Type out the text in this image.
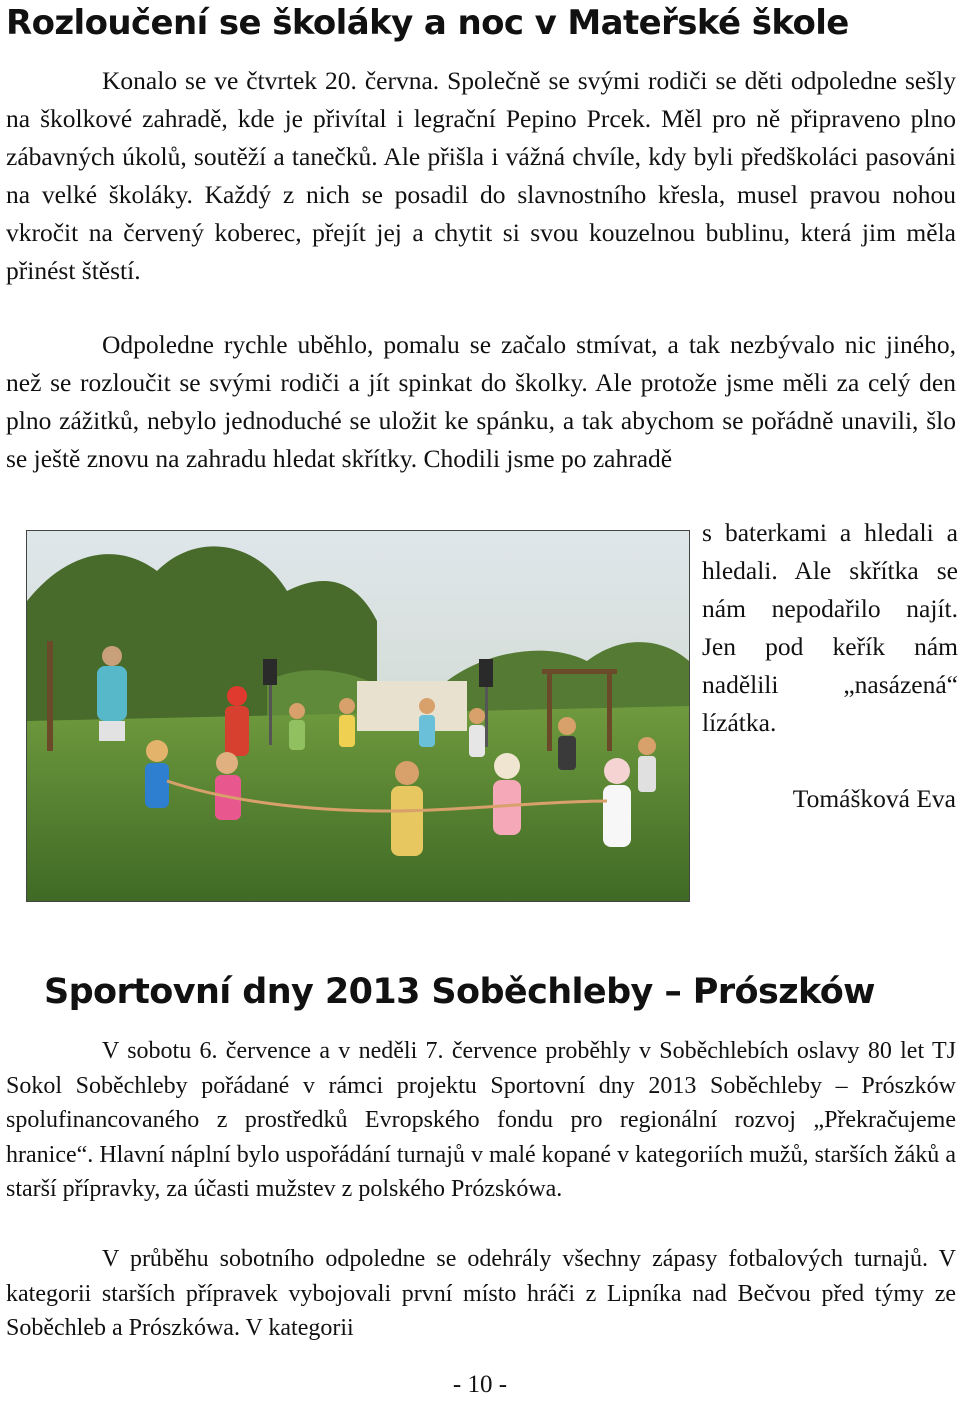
Rozloučení se školáky a noc v Mateřské škole

Konalo se ve čtvrtek 20. června. Společně se svými rodiči se děti odpoledne sešly na školkové zahradě, kde je přivítal i legrační Pepino Prcek. Měl pro ně připraveno plno zábavných úkolů, soutěží a tanečků. Ale přišla i vážná chvíle, kdy byli předškoláci pasováni na velké školáky. Každý z nich se posadil do slavnostního křesla, musel pravou nohou vkročit na červený koberec, přejít jej a chytit si svou kouzelnou bublinu, která jim měla přinést štěstí.

Odpoledne rychle uběhlo, pomalu se začalo stmívat, a tak nezbývalo nic jiného, než se rozloučit se svými rodiči a jít spinkat do školky. Ale protože jsme měli za celý den plno zážitků, nebylo jednoduché se uložit ke spánku, a tak abychom se pořádně unavili, šlo se ještě znovu na zahradu hledat skřítky. Chodili jsme po zahradě

s baterkami a hledali a hledali. Ale skřítka se nám nepodařilo najít. Jen pod keřík nám nadělili „nasázená“ lízátka.

Tomášková Eva

Sportovní dny 2013 Soběchleby – Prószków

V sobotu 6. července a v neděli 7. července proběhly v Soběchlebích oslavy 80 let TJ Sokol Soběchleby pořádané v rámci projektu Sportovní dny 2013 Soběchleby – Prószków spolufinancovaného z prostředků Evropského fondu pro regionální rozvoj „Překračujeme hranice“. Hlavní náplní bylo uspořádání turnajů v malé kopané v kategoriích mužů, starších žáků a starší přípravky, za účasti mužstev z polského Prózskówa.

V průběhu sobotního odpoledne se odehrály všechny zápasy fotbalových turnajů. V kategorii starších přípravek vybojovali první místo hráči z Lipníka nad Bečvou před týmy ze Soběchleb a Prószkówa. V kategorii

- 10 -
